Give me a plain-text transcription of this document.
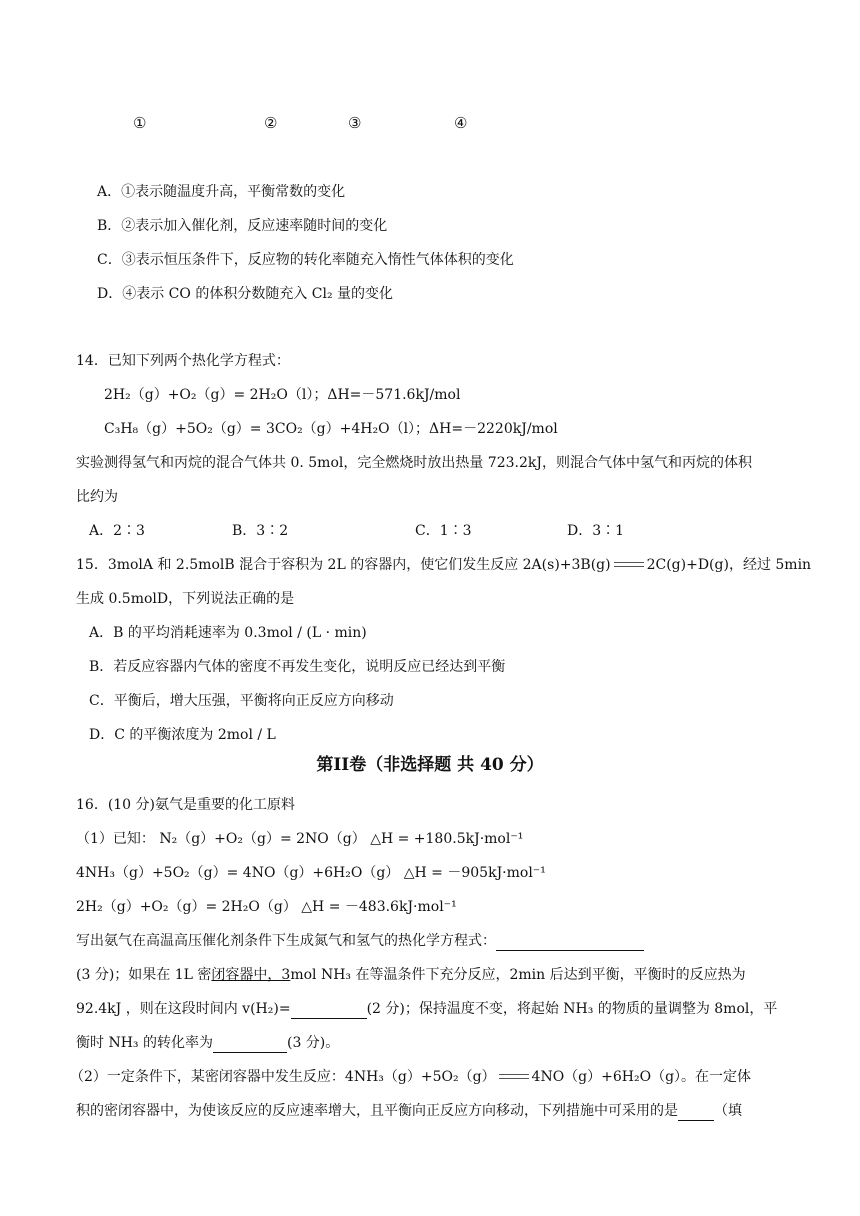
①	②	③	④
A．①表示随温度升高，平衡常数的变化
B．②表示加入催化剂，反应速率随时间的变化
C．③表示恒压条件下，反应物的转化率随充入惰性气体体积的变化
D．④表示 CO 的体积分数随充入 Cl₂ 量的变化
14．已知下列两个热化学方程式：
2H₂（g）+O₂（g）= 2H₂O（l）；ΔH=－571.6kJ/mol
C₃H₈（g）+5O₂（g）= 3CO₂（g）+4H₂O（l）；ΔH=－2220kJ/mol
实验测得氢气和丙烷的混合气体共 0. 5mol，完全燃烧时放出热量 723.2kJ，则混合气体中氢气和丙烷的体积
比约为
A．2∶3	B．3∶2	C．1∶3	D．3∶1
15．3molA 和 2.5molB 混合于容积为 2L 的容器内，使它们发生反应 2A(s)+3B(g)	2C(g)+D(g)，经过 5min
生成 0.5molD，下列说法正确的是
A．B 的平均消耗速率为 0.3mol / (L · min)
B．若反应容器内气体的密度不再发生变化，说明反应已经达到平衡
C．平衡后，增大压强，平衡将向正反应方向移动
D．C 的平衡浓度为 2mol / L
第II卷（非选择题 共 40 分）
16．(10 分)氨气是重要的化工原料
（1）已知： N₂（g）+O₂（g）= 2NO（g） △H = +180.5kJ·mol⁻¹
4NH₃（g）+5O₂（g）= 4NO（g）+6H₂O（g） △H = －905kJ·mol⁻¹
2H₂（g）+O₂（g）= 2H₂O（g） △H = －483.6kJ·mol⁻¹
写出氨气在高温高压催化剂条件下生成氮气和氢气的热化学方程式：
(3 分)；如果在 1L 密闭容器中，3mol NH₃ 在等温条件下充分反应，2min 后达到平衡，平衡时的反应热为
92.4kJ ，则在这段时间内 v(H₂)=	(2 分)；保持温度不变，将起始 NH₃ 的物质的量调整为 8mol，平
衡时 NH₃ 的转化率为	(3 分)。
（2）一定条件下，某密闭容器中发生反应：4NH₃（g）+5O₂（g）	4NO（g）+6H₂O（g）。在一定体
积的密闭容器中，为使该反应的反应速率增大，且平衡向正反应方向移动，下列措施中可采用的是	（填
